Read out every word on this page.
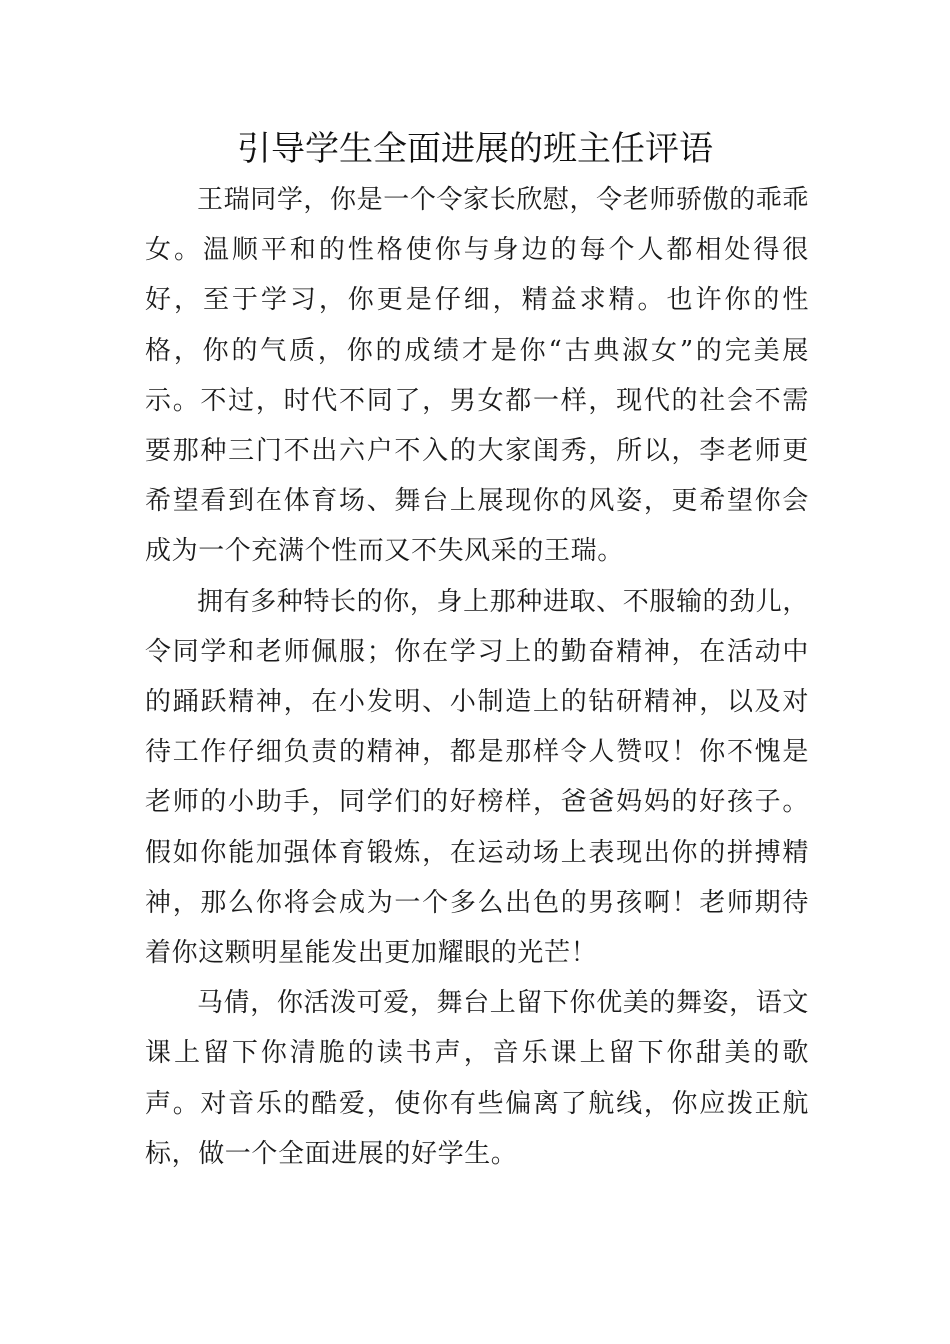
引导学生全面进展的班主任评语

王瑞同学，你是一个令家长欣慰，令老师骄傲的乖乖女。温顺平和的性格使你与身边的每个人都相处得很好，至于学习，你更是仔细，精益求精。也许你的性格，你的气质，你的成绩才是你“古典淑女”的完美展示。不过，时代不同了，男女都一样，现代的社会不需要那种三门不出六户不入的大家闺秀，所以，李老师更希望看到在体育场、舞台上展现你的风姿，更希望你会成为一个充满个性而又不失风采的王瑞。

拥有多种特长的你，身上那种进取、不服输的劲儿，令同学和老师佩服；你在学习上的勤奋精神，在活动中的踊跃精神，在小发明、小制造上的钻研精神，以及对待工作仔细负责的精神，都是那样令人赞叹！你不愧是老师的小助手，同学们的好榜样，爸爸妈妈的好孩子。假如你能加强体育锻炼，在运动场上表现出你的拼搏精神，那么你将会成为一个多么出色的男孩啊！老师期待着你这颗明星能发出更加耀眼的光芒！

马倩，你活泼可爱，舞台上留下你优美的舞姿，语文课上留下你清脆的读书声，音乐课上留下你甜美的歌声。对音乐的酷爱，使你有些偏离了航线，你应拨正航标，做一个全面进展的好学生。
